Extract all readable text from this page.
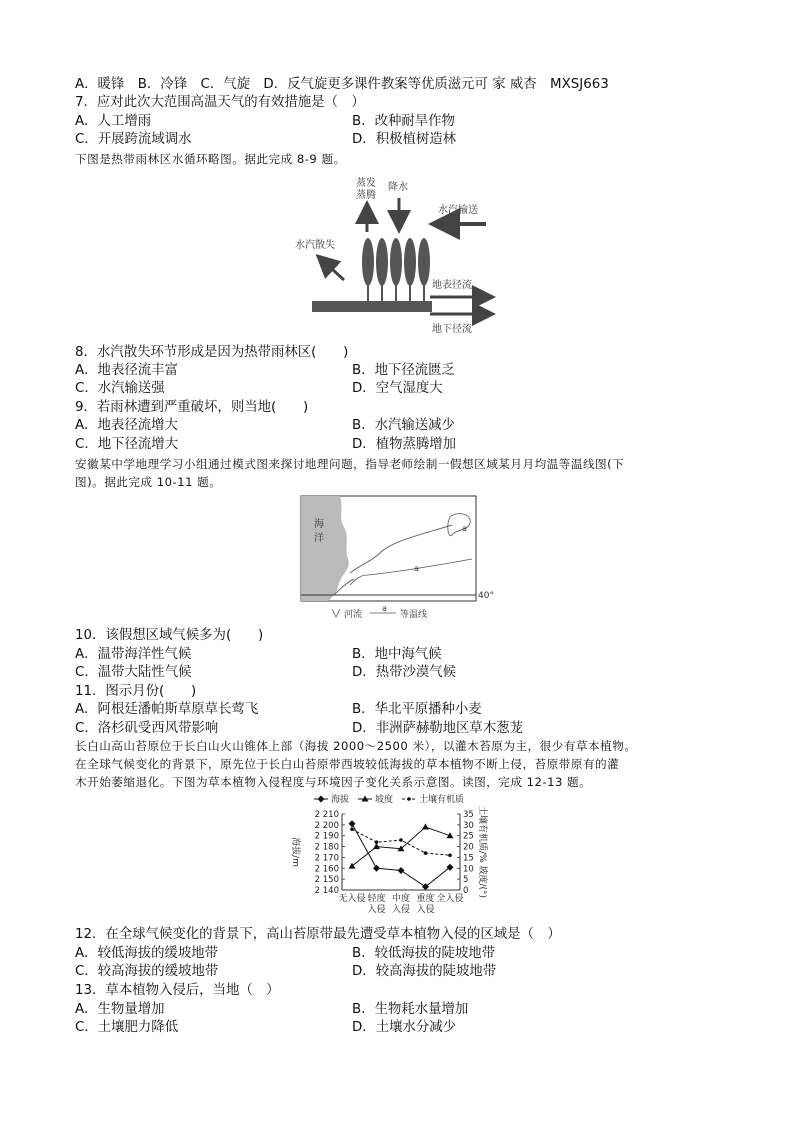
A．暖锋　B．冷锋　C．气旋　D．反气旋更多课件教案等优质滋元可 家 威杏　MXSJ663
7．应对此次大范围高温天气的有效措施是（　）
A．人工增雨	B．改种耐旱作物
C．开展跨流域调水	D．积极植树造林
下图是热带雨林区水循环略图。据此完成 8-9 题。
蒸发
蒸腾
降水
水汽输送
水汽散失
地表径流
地下径流
8．水汽散失环节形成是因为热带雨林区(　　)
A．地表径流丰富	B．地下径流匮乏
C．水汽输送强	D．空气湿度大
9．若雨林遭到严重破坏，则当地(　　)
A．地表径流增大	B．水汽输送减少
C．地下径流增大	D．植物蒸腾增加
安徽某中学地理学习小组通过模式图来探讨地理问题，指导老师绘制一假想区域某月月均温等温线图(下
图)。据此完成 10-11 题。
海
洋
a
a
40°
河流
a
等温线
10．该假想区域气候多为(　　)
A．温带海洋性气候	B．地中海气候
C．温带大陆性气候	D．热带沙漠气候
11．图示月份(　　)
A．阿根廷潘帕斯草原草长莺飞	B．华北平原播种小麦
C．洛杉矶受西风带影响	D．非洲萨赫勒地区草木葱茏
长白山高山苔原位于长白山火山锥体上部（海拔 2000～2500 米），以灌木苔原为主，很少有草本植物。
在全球气候变化的背景下，原先位于长白山苔原带西坡较低海拔的草本植物不断上侵，苔原带原有的灌
木开始萎缩退化。下图为草本植物入侵程度与环境因子变化关系示意图。读图，完成 12-13 题。
海拔	坡度	土壤有机质
2 140
2 150
2 160
2 170
2 180
2 190
2 200
2 210
0
5
10
15
20
25
30
35
海拔/m	土壤有机质/% 坡度/(°)
无入侵 轻度
入侵
中度
入侵
重度
入侵
全入侵
12．在全球气候变化的背景下，高山苔原带最先遭受草本植物入侵的区域是（　）
A．较低海拔的缓坡地带	B．较低海拔的陡坡地带
C．较高海拔的缓坡地带	D．较高海拔的陡坡地带
13．草本植物入侵后，当地（　）
A．生物量增加	B．生物耗水量增加
C．土壤肥力降低	D．土壤水分减少
